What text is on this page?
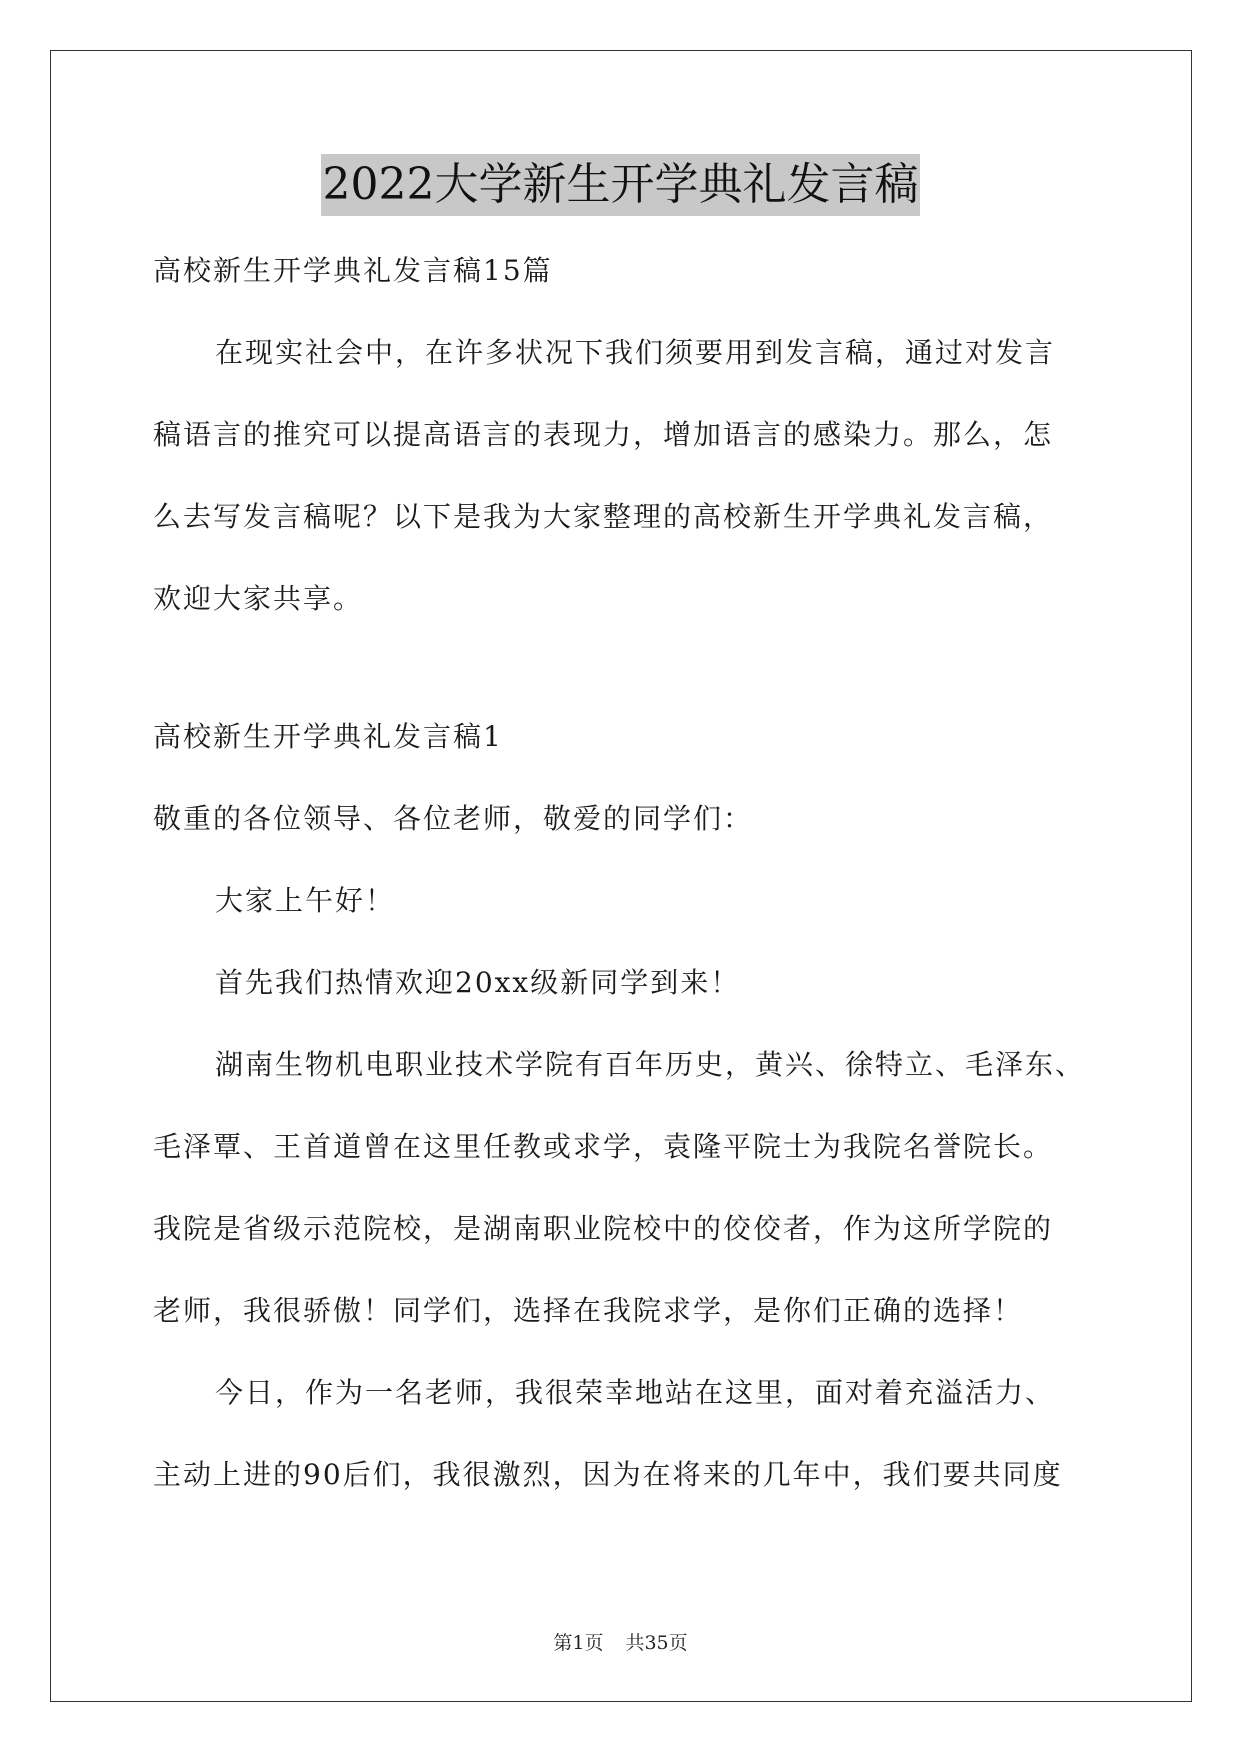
2022大学新生开学典礼发言稿
高校新生开学典礼发言稿15篇
在现实社会中，在许多状况下我们须要用到发言稿，通过对发言
稿语言的推究可以提高语言的表现力，增加语言的感染力。那么，怎
么去写发言稿呢？以下是我为大家整理的高校新生开学典礼发言稿，
欢迎大家共享。
高校新生开学典礼发言稿1
敬重的各位领导、各位老师，敬爱的同学们：
大家上午好！
首先我们热情欢迎20xx级新同学到来！
湖南生物机电职业技术学院有百年历史，黄兴、徐特立、毛泽东、
毛泽覃、王首道曾在这里任教或求学，袁隆平院士为我院名誉院长。
我院是省级示范院校，是湖南职业院校中的佼佼者，作为这所学院的
老师，我很骄傲！同学们，选择在我院求学，是你们正确的选择！
今日，作为一名老师，我很荣幸地站在这里，面对着充溢活力、
主动上进的90后们，我很激烈，因为在将来的几年中，我们要共同度
第1页 共35页
